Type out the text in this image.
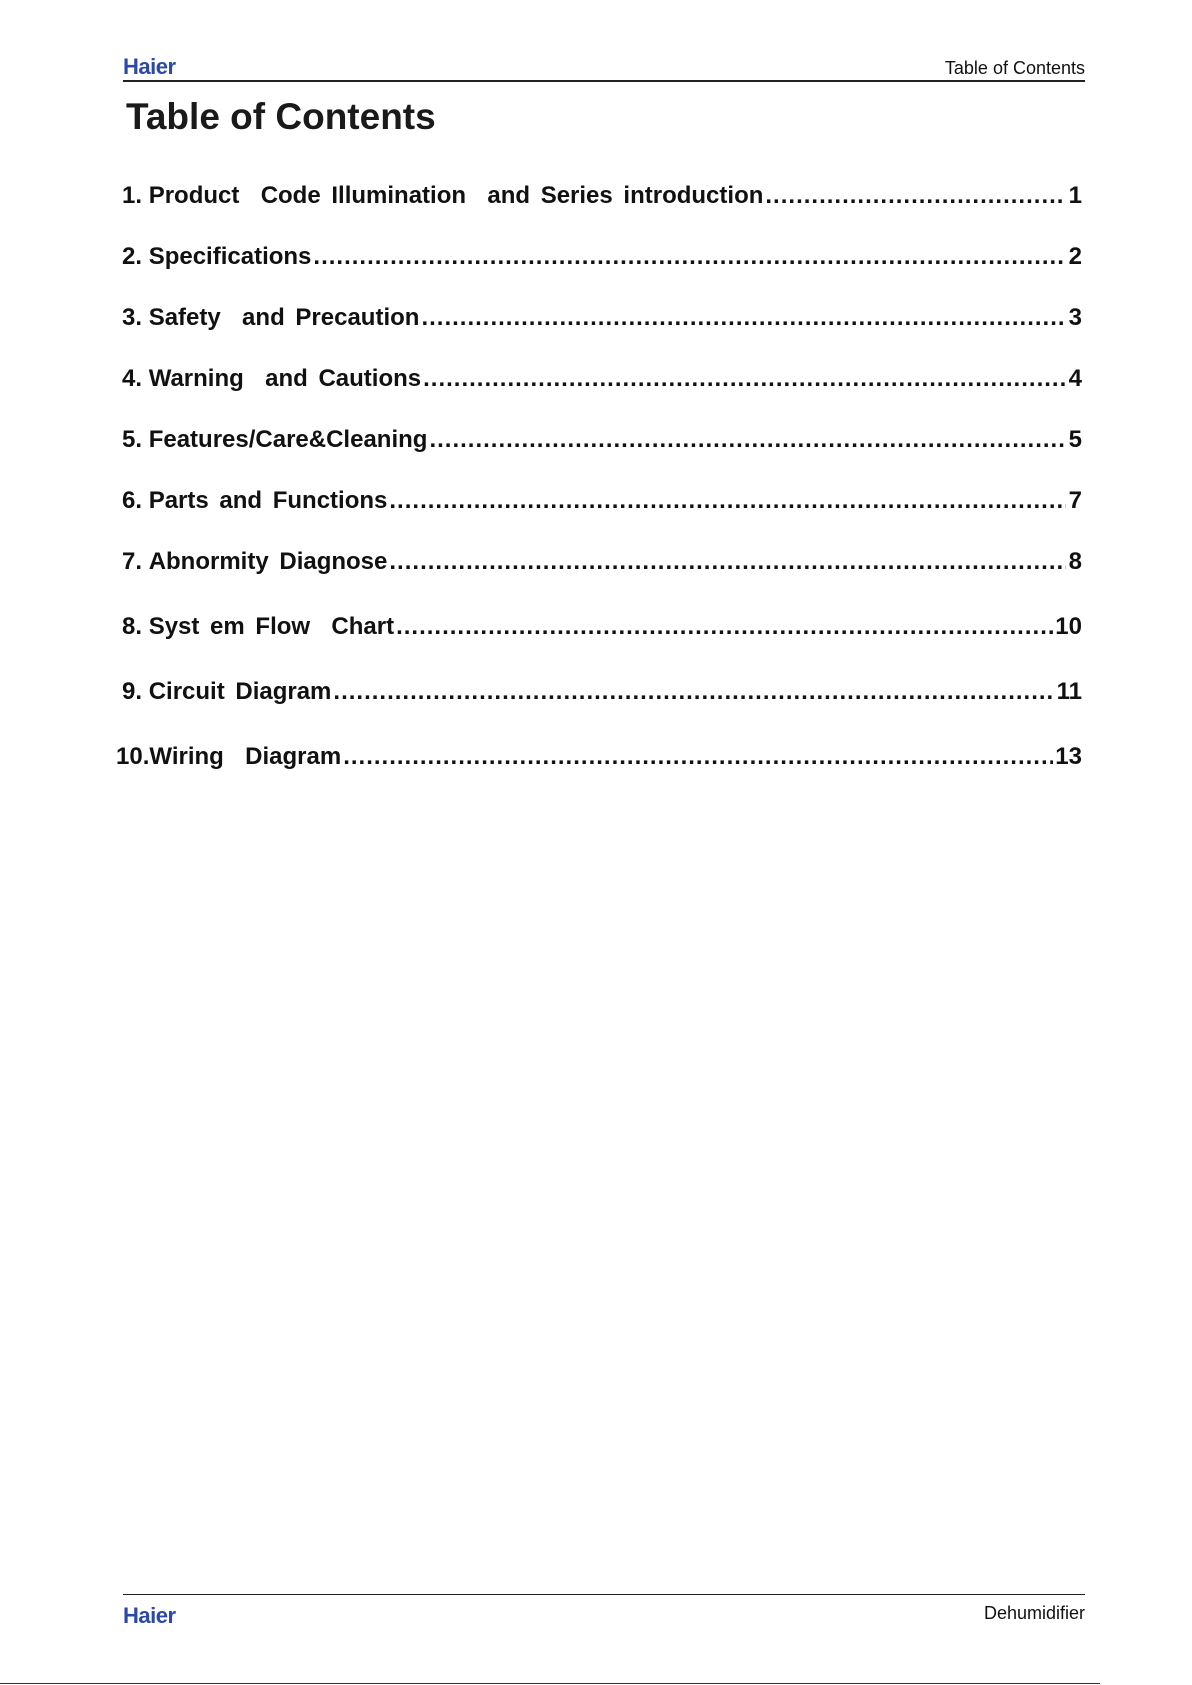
Haier	Table of Contents
Table of Contents
1. Product  Code Illumination  and Series introduction .....	1
2. Specifications .....	2
3. Safety  and Precaution .....	3
4. Warning  and Cautions .....	4
5. Features/Care&Cleaning .....	5
6. Parts and Functions .....	7
7. Abnormity Diagnose .....	8
8. Syst em Flow  Chart .....	10
9. Circuit Diagram .....	11
10. Wiring  Diagram .....	13
Haier	Dehumidifier
